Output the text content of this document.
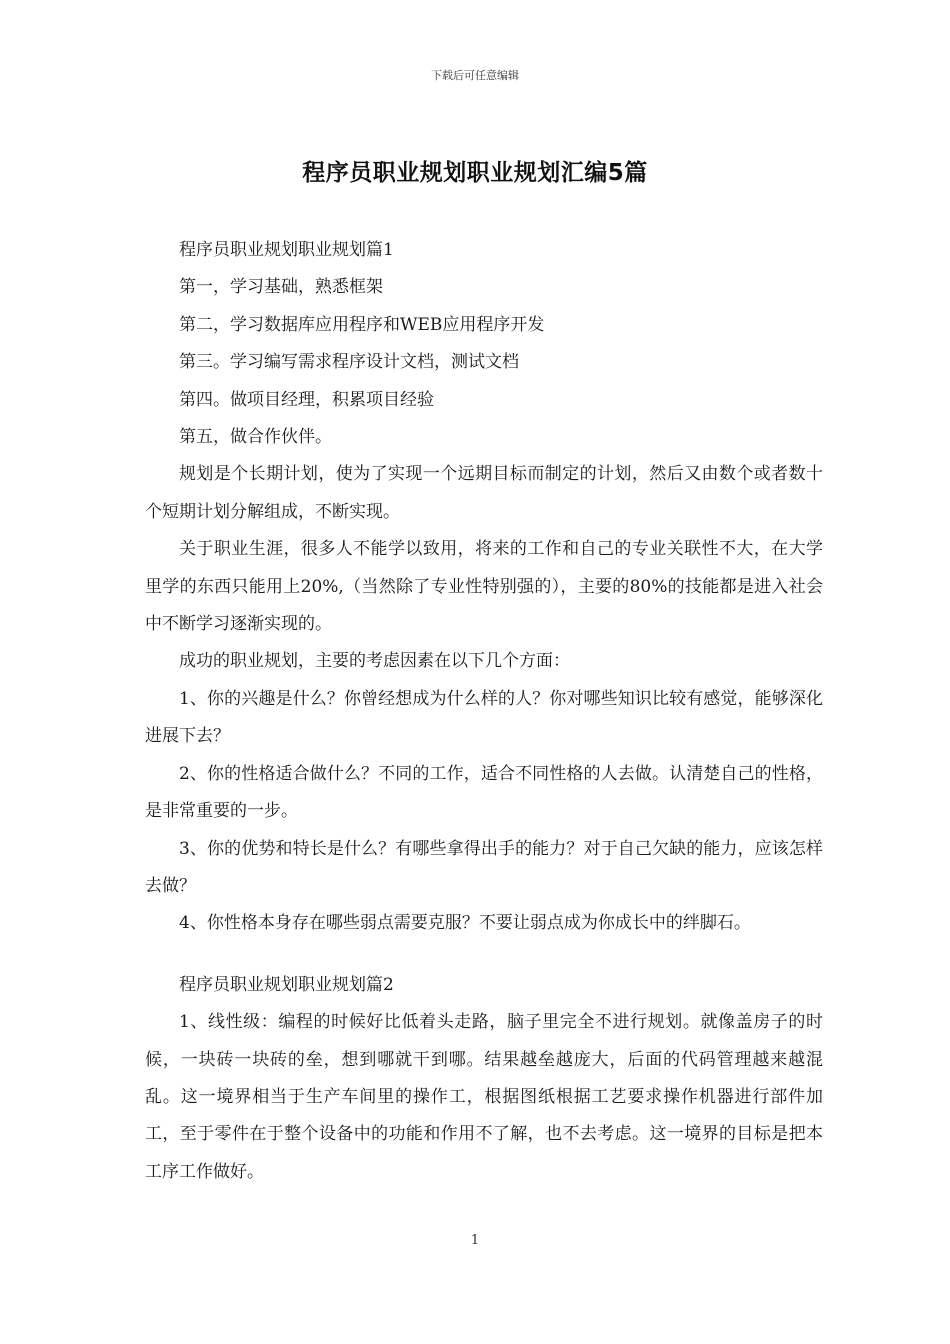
下载后可任意编辑
程序员职业规划职业规划汇编5篇

程序员职业规划职业规划篇1

第一，学习基础，熟悉框架

第二，学习数据库应用程序和WEB应用程序开发

第三。学习编写需求程序设计文档，测试文档

第四。做项目经理，积累项目经验

第五，做合作伙伴。

规划是个长期计划，使为了实现一个远期目标而制定的计划，然后又由数个或者数十个短期计划分解组成，不断实现。

关于职业生涯，很多人不能学以致用，将来的工作和自己的专业关联性不大，在大学里学的东西只能用上20%,（当然除了专业性特别强的），主要的80%的技能都是进入社会中不断学习逐渐实现的。

成功的职业规划，主要的考虑因素在以下几个方面：

1、你的兴趣是什么？你曾经想成为什么样的人？你对哪些知识比较有感觉，能够深化进展下去？

2、你的性格适合做什么？不同的工作，适合不同性格的人去做。认清楚自己的性格，是非常重要的一步。

3、你的优势和特长是什么？有哪些拿得出手的能力？对于自己欠缺的能力，应该怎样去做？

4、你性格本身存在哪些弱点需要克服？不要让弱点成为你成长中的绊脚石。

程序员职业规划职业规划篇2

1、线性级：编程的时候好比低着头走路，脑子里完全不进行规划。就像盖房子的时候，一块砖一块砖的垒，想到哪就干到哪。结果越垒越庞大，后面的代码管理越来越混乱。这一境界相当于生产车间里的操作工，根据图纸根据工艺要求操作机器进行部件加工，至于零件在于整个设备中的功能和作用不了解，也不去考虑。这一境界的目标是把本工序工作做好。

1
